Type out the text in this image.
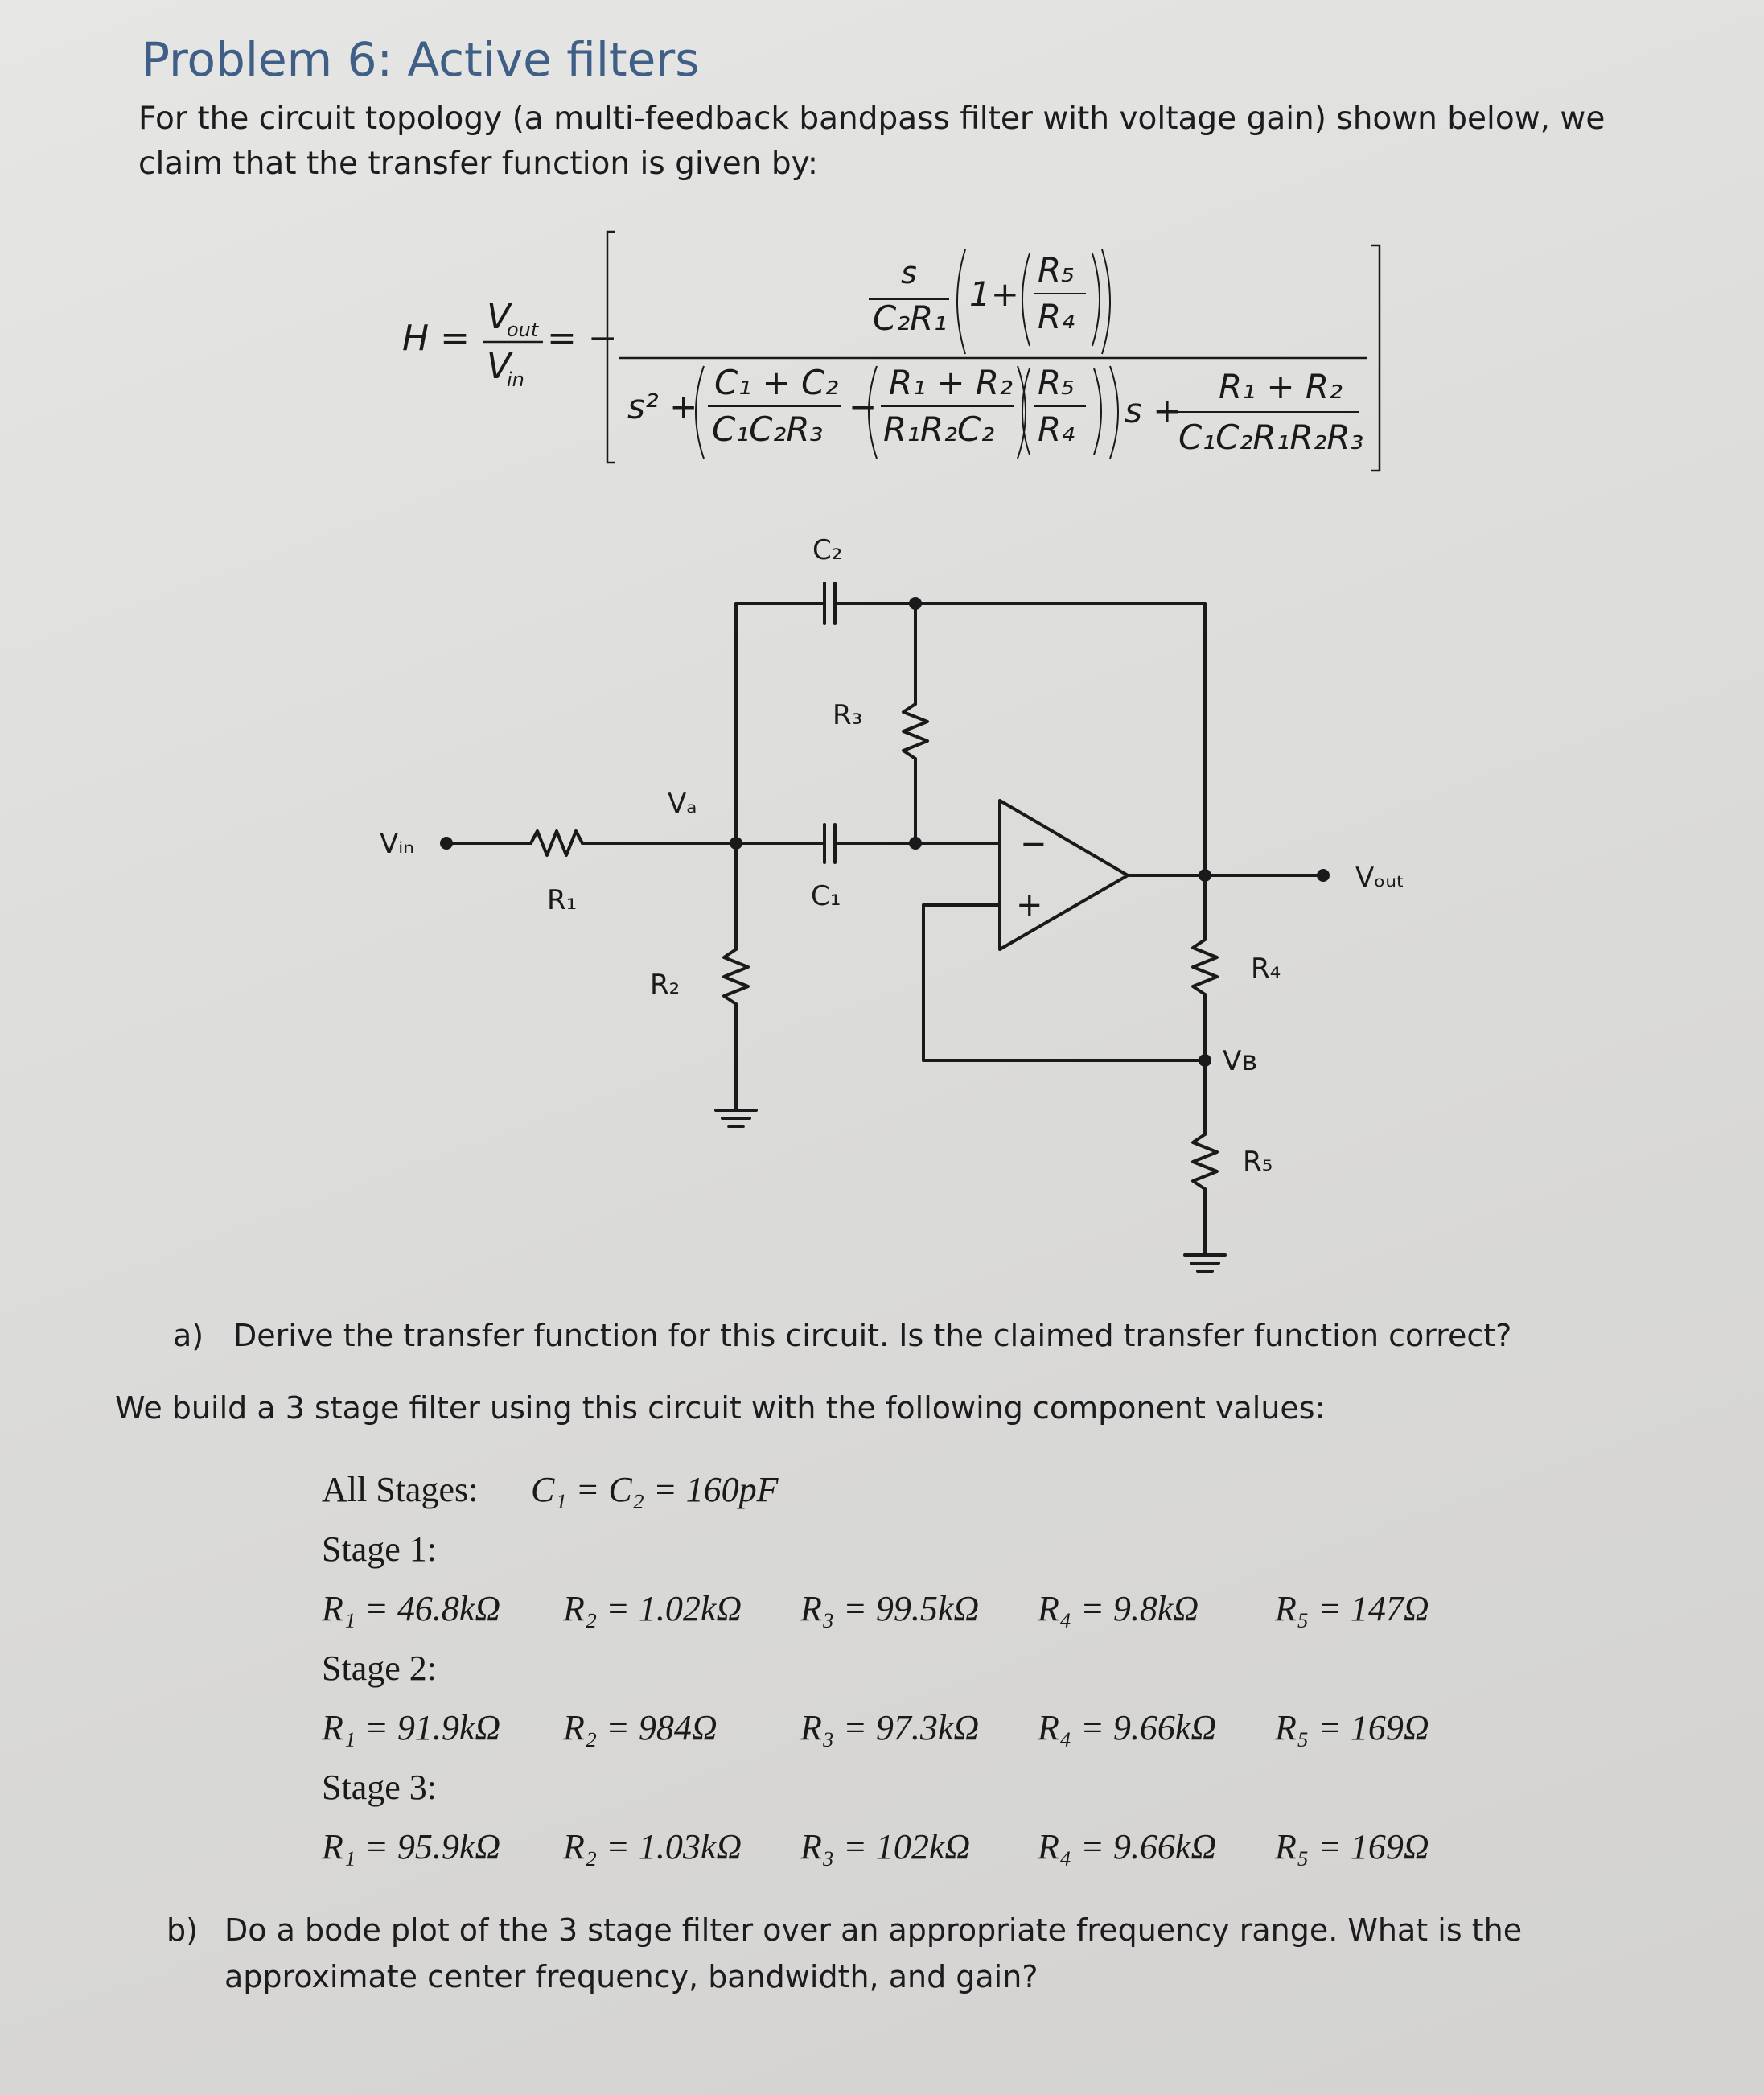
Problem 6: Active filters

For the circuit topology (a multi-feedback bandpass filter with voltage gain) shown below, we claim that the transfer function is given by:

H =
V
out
V
in
= −
s
C₂R₁
1+
R₅
R₄
s² +
C₁ + C₂
C₁C₂R₃
−
R₁ + R₂
R₁R₂C₂
R₅
R₄ s +
R₁ + R₂
C₁C₂R₁R₂R₃
C₂
R₃
Vₐ
Vᵢₙ
R₁	C₁
R₂
−
+
Vₒᵤₜ
R₄
Vʙ
R₅

a) Derive the transfer function for this circuit. Is the claimed transfer function correct?

We build a 3 stage filter using this circuit with the following component values:

All Stages: C₁ = C₂ = 160pF
Stage 1:
R₁ = 46.8kΩ R₂ = 1.02kΩ R₃ = 99.5kΩ R₄ = 9.8kΩ R₅ = 147Ω
Stage 2:
R₁ = 91.9kΩ R₂ = 984Ω R₃ = 97.3kΩ R₄ = 9.66kΩ R₅ = 169Ω
Stage 3:
R₁ = 95.9kΩ R₂ = 1.03kΩ R₃ = 102kΩ R₄ = 9.66kΩ R₅ = 169Ω

b) Do a bode plot of the 3 stage filter over an appropriate frequency range. What is the approximate center frequency, bandwidth, and gain?
